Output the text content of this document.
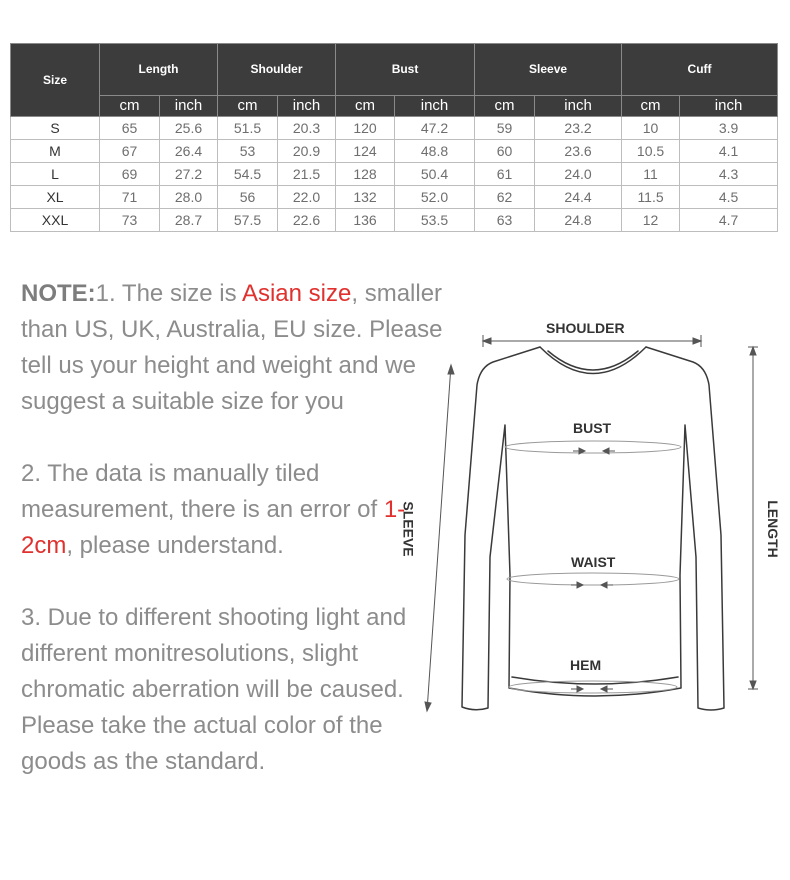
Size	Length		Shoulder		Bust		Sleeve		Cuff	
	cm	inch	cm	inch	cm	inch	cm	inch	cm	inch
S	65	25.6	51.5	20.3	120	47.2	59	23.2	10	3.9
M	67	26.4	53	20.9	124	48.8	60	23.6	10.5	4.1
L	69	27.2	54.5	21.5	128	50.4	61	24.0	11	4.3
XL	71	28.0	56	22.0	132	52.0	62	24.4	11.5	4.5
XXL	73	28.7	57.5	22.6	136	53.5	63	24.8	12	4.7

NOTE:1. The size is Asian size, smaller than US, UK, Australia, EU size. Please tell us your height and weight and we suggest a suitable size for you

2. The data is manually tiled measurement, there is an error of 1-2cm, please understand.

3. Due to different shooting light and different monitresolutions, slight chromatic aberration will be caused. Please take the actual color of the goods as the standard.

SHOULDER
BUST
WAIST
HEM
SLEEVE	LENGTH
